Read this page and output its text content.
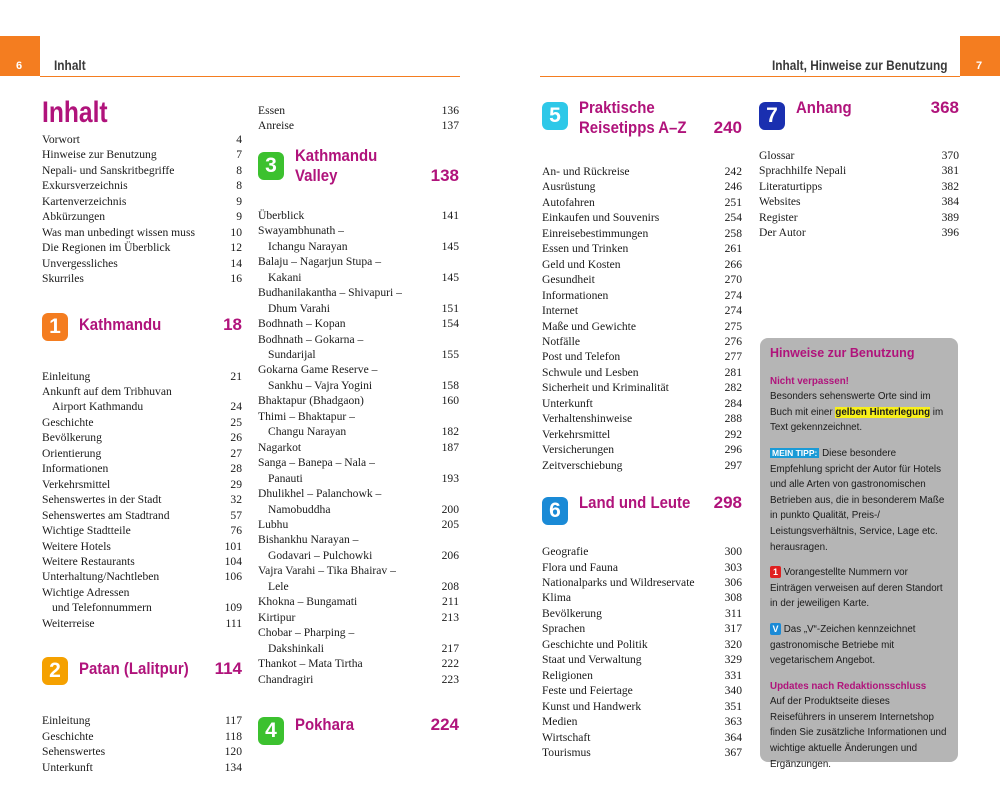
6 Inhalt	7
Inhalt, Hinweise zur Benutzung
Inhalt
Vorwort	4
Hinweise zur Benutzung	7
Nepali- und Sanskritbegriffe	8
Exkursverzeichnis	8
Kartenverzeichnis	9
Abkürzungen	9
Was man unbedingt wissen muss	10
Die Regionen im Überblick	12
Unvergessliches	14
Skurriles	16
1	Kathmandu	18
Einleitung	21
Ankunft auf dem Tribhuvan
Airport Kathmandu	24
Geschichte	25
Bevölkerung	26
Orientierung	27
Informationen	28
Verkehrsmittel	29
Sehenswertes in der Stadt	32
Sehenswertes am Stadtrand	57
Wichtige Stadtteile	76
Weitere Hotels	101
Weitere Restaurants	104
Unterhaltung/Nachtleben	106
Wichtige Adressen
und Telefonnummern	109
Weiterreise	111
2	Patan (Lalitpur) 114
Einleitung	117
Geschichte	118
Sehenswertes	120
Unterkunft	134
Essen	136
Anreise	137
3	Kathmandu
Valley	138
Überblick	141
Swayambhunath –
Ichangu Narayan	145
Balaju – Nagarjun Stupa –
Kakani	145
Budhanilakantha – Shivapuri –
Dhum Varahi	151
Bodhnath – Kopan	154
Bodhnath – Gokarna –
Sundarijal	155
Gokarna Game Reserve –
Sankhu – Vajra Yogini	158
Bhaktapur (Bhadgaon)	160
Thimi – Bhaktapur –
Changu Narayan	182
Nagarkot	187
Sanga – Banepa – Nala –
Panauti	193
Dhulikhel – Palanchowk –
Namobuddha	200
Lubhu	205
Bishankhu Narayan –
Godavari – Pulchowki	206
Vajra Varahi – Tika Bhairav –
Lele	208
Khokna – Bungamati	211
Kirtipur	213
Chobar – Pharping –
Dakshinkali	217
Thankot – Mata Tirtha	222
Chandragiri	223
4	Pokhara	224
5	Praktische
Reisetipps A–Z 240
An- und Rückreise	242
Ausrüstung	246
Autofahren	251
Einkaufen und Souvenirs	254
Einreisebestimmungen	258
Essen und Trinken	261
Geld und Kosten	266
Gesundheit	270
Informationen	274
Internet	274
Maße und Gewichte	275
Notfälle	276
Post und Telefon	277
Schwule und Lesben	281
Sicherheit und Kriminalität	282
Unterkunft	284
Verhaltenshinweise	288
Verkehrsmittel	292
Versicherungen	296
Zeitverschiebung	297
6	Land und Leute 298
Geografie	300
Flora und Fauna	303
Nationalparks und Wildreservate	306
Klima	308
Bevölkerung	311
Sprachen	317
Geschichte und Politik	320
Staat und Verwaltung	329
Religionen	331
Feste und Feiertage	340
Kunst und Handwerk	351
Medien	363
Wirtschaft	364
Tourismus	367
7	Anhang	368
Glossar	370
Sprachhilfe Nepali	381
Literaturtipps	382
Websites	384
Register	389
Der Autor	396
Hinweise zur Benutzung
Nicht verpassen!

Besonders sehenswerte Orte sind im Buch mit einer gelben Hinterlegung im Text gekennzeichnet.

MEIN TIPP: Diese besondere Empfehlung spricht der Autor für Hotels und alle Arten von gastronomischen Betrieben aus, die in besonderem Maße in punkto Qualität, Preis-/ Leistungsverhältnis, Service, Lage etc. herausragen.

1 Vorangestellte Nummern vor Einträgen verweisen auf deren Standort in der jeweiligen Karte.

V Das „V“-Zeichen kennzeichnet gastronomische Betriebe mit vegetarischem Angebot.

Updates nach Redaktionsschluss

Auf der Produktseite dieses Reiseführers in unserem Internetshop finden Sie zusätzliche Informationen und wichtige aktuelle Änderungen und Ergänzungen.
